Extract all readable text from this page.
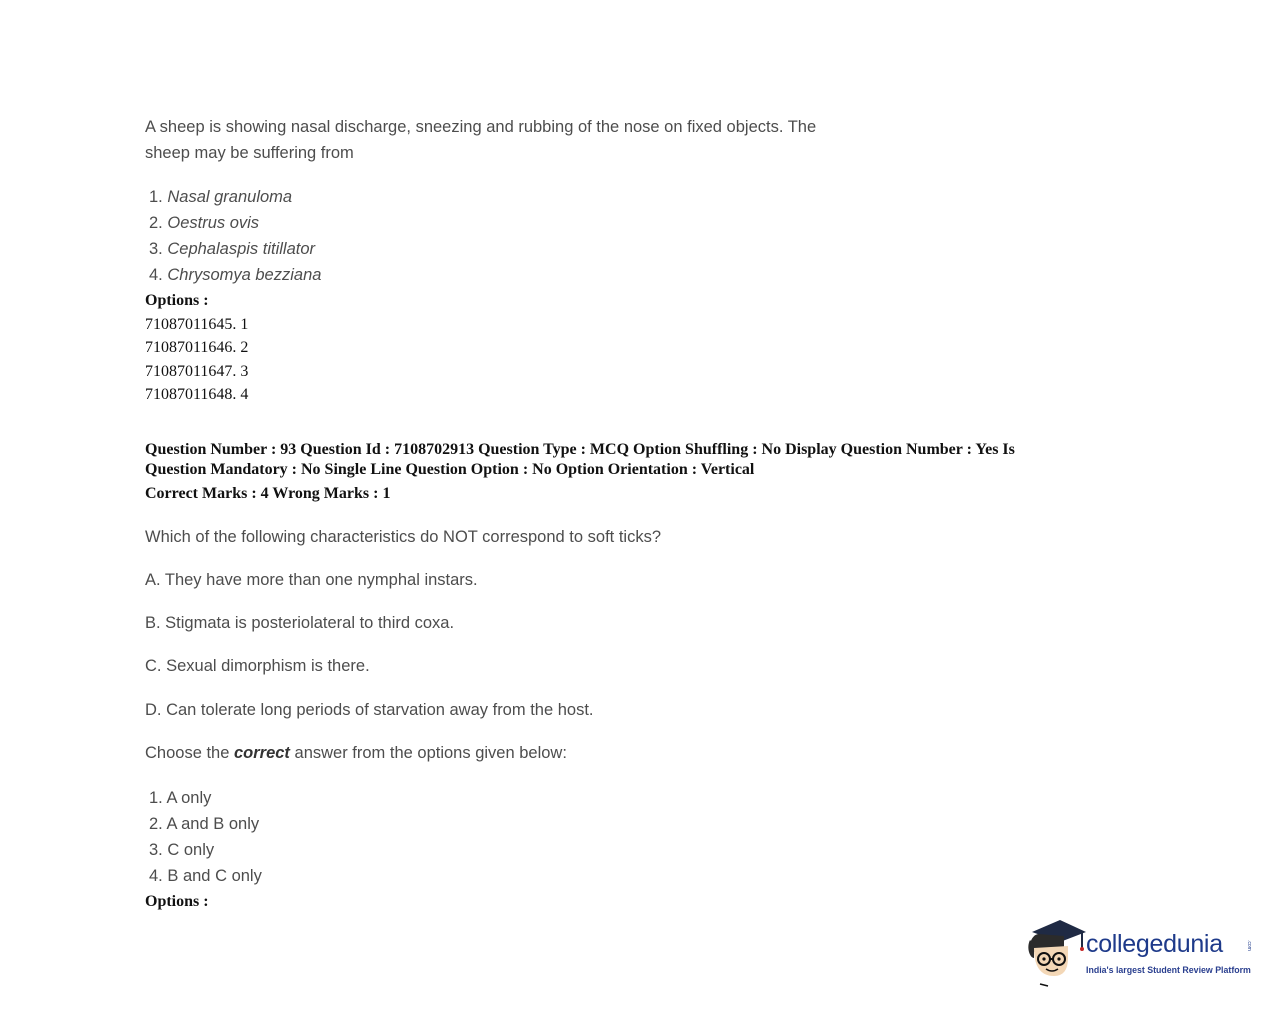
A sheep is showing nasal discharge, sneezing and rubbing of the nose on fixed objects. The
sheep may be suffering from
1. Nasal granuloma
2. Oestrus ovis
3. Cephalaspis titillator
4. Chrysomya bezziana
Options :
71087011645. 1
71087011646. 2
71087011647. 3
71087011648. 4
Question Number : 93 Question Id : 7108702913 Question Type : MCQ Option Shuffling : No Display Question Number : Yes Is
Question Mandatory : No Single Line Question Option : No Option Orientation : Vertical
Correct Marks : 4 Wrong Marks : 1
Which of the following characteristics do NOT correspond to soft ticks?
A. They have more than one nymphal instars.
B. Stigmata is posteriolateral to third coxa.
C. Sexual dimorphism is there.
D. Can tolerate long periods of starvation away from the host.
Choose the correct answer from the options given below:
1. A only
2. A and B only
3. C only
4. B and C only
Options :
collegedunia	.com
India's largest Student Review Platform
